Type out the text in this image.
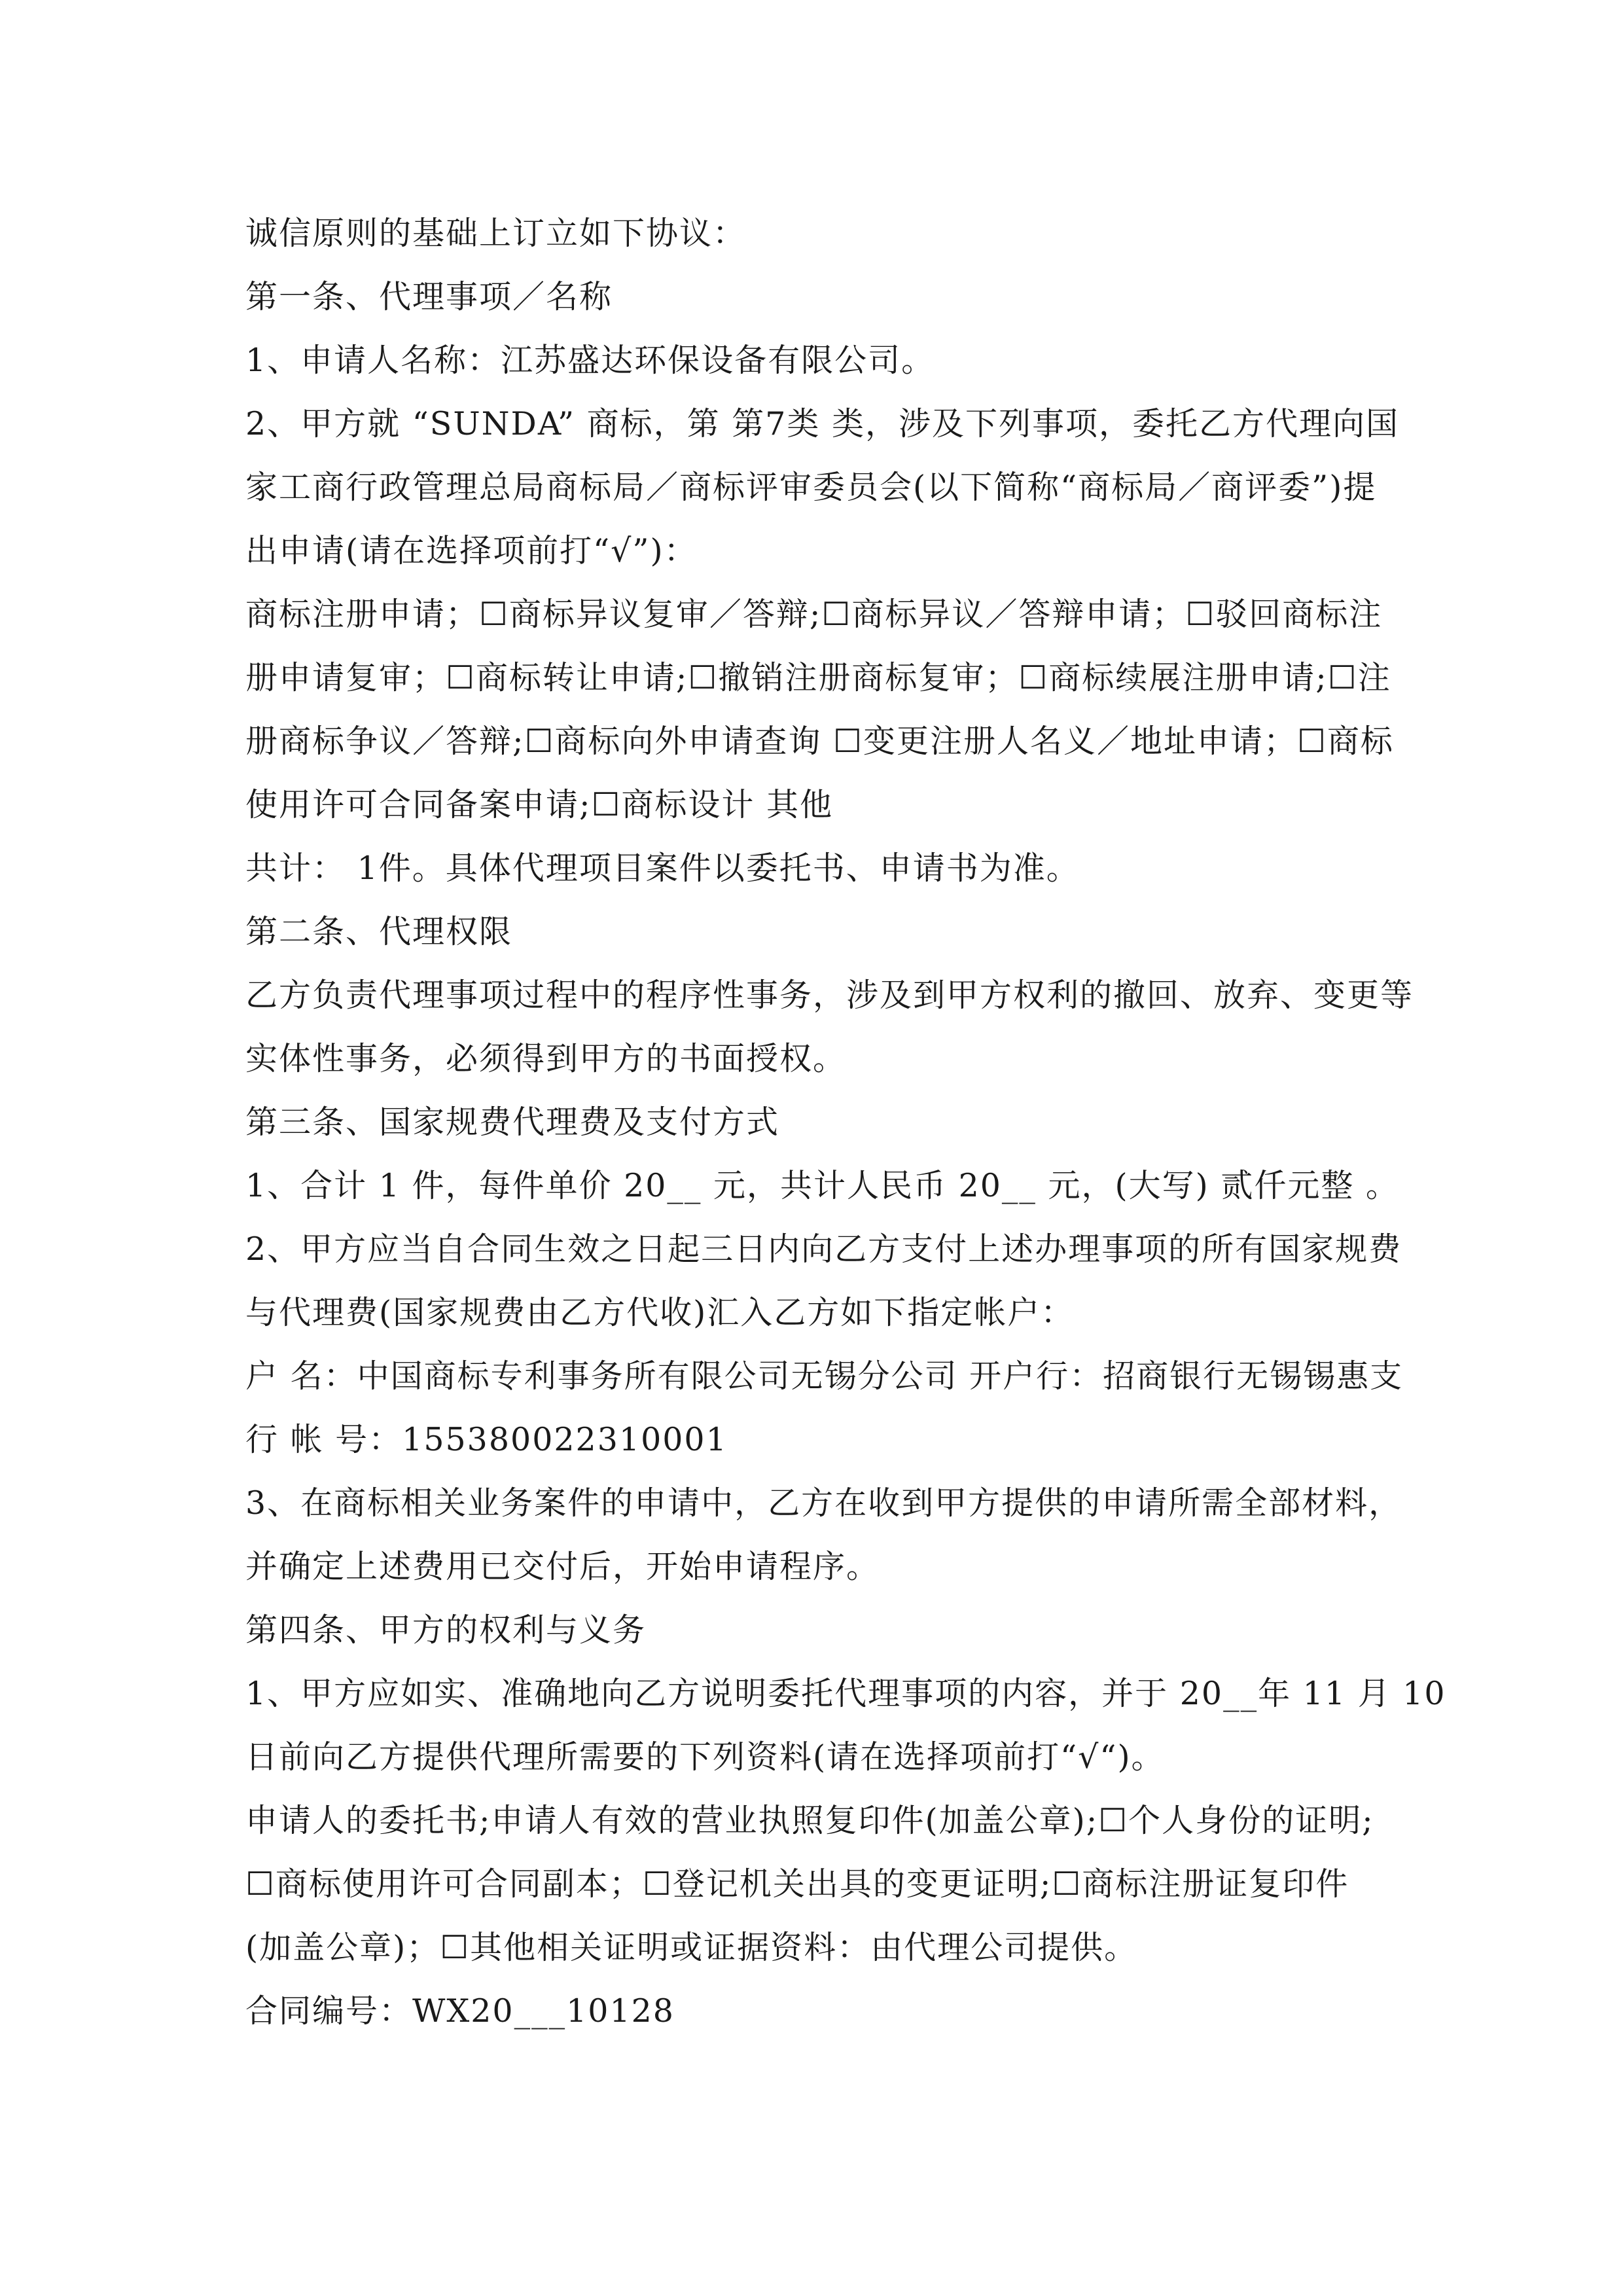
诚信原则的基础上订立如下协议：
第一条、代理事项／名称
1、申请人名称：江苏盛达环保设备有限公司。
2、甲方就 “SUNDA” 商标，第 第7类 类，涉及下列事项，委托乙方代理向国
家工商行政管理总局商标局／商标评审委员会(以下简称“商标局／商评委”)提
出申请(请在选择项前打“√”)：
商标注册申请；☐商标异议复审／答辩;☐商标异议／答辩申请；☐驳回商标注
册申请复审；☐商标转让申请;☐撤销注册商标复审；☐商标续展注册申请;☐注
册商标争议／答辩;☐商标向外申请查询 ☐变更注册人名义／地址申请；☐商标
使用许可合同备案申请;☐商标设计 其他
共计： 1件。具体代理项目案件以委托书、申请书为准。
第二条、代理权限
乙方负责代理事项过程中的程序性事务，涉及到甲方权利的撤回、放弃、变更等
实体性事务，必须得到甲方的书面授权。
第三条、国家规费代理费及支付方式
1、合计 1 件，每件单价 20__ 元，共计人民币 20__ 元，(大写) 贰仟元整 。
2、甲方应当自合同生效之日起三日内向乙方支付上述办理事项的所有国家规费
与代理费(国家规费由乙方代收)汇入乙方如下指定帐户：
户 名：中国商标专利事务所有限公司无锡分公司 开户行：招商银行无锡锡惠支
行 帐 号：155380022310001
3、在商标相关业务案件的申请中，乙方在收到甲方提供的申请所需全部材料，
并确定上述费用已交付后，开始申请程序。
第四条、甲方的权利与义务
1、甲方应如实、准确地向乙方说明委托代理事项的内容，并于 20__年 11 月 10
日前向乙方提供代理所需要的下列资料(请在选择项前打“√“)。
申请人的委托书;申请人有效的营业执照复印件(加盖公章);☐个人身份的证明;
☐商标使用许可合同副本；☐登记机关出具的变更证明;☐商标注册证复印件
(加盖公章)；☐其他相关证明或证据资料：由代理公司提供。
合同编号：WX20___10128
